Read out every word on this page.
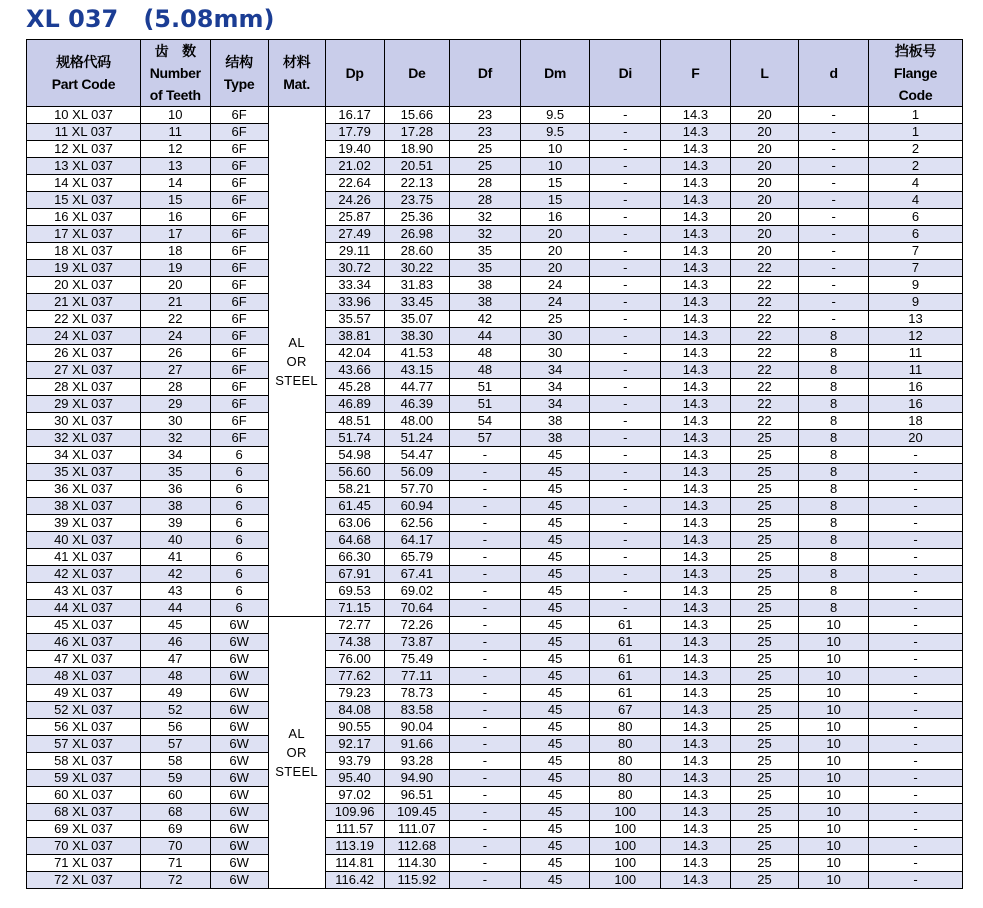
XL 037   (5.08mm)
规格代码
Part Code	齿　数
Number
of Teeth	结构
Type	材料
Mat.	Dp	De	Df	Dm	Di	F	L	d	挡板号
Flange
Code

10 XL 037	10	6F	AL
OR
STEEL	16.17	15.66	23	9.5	-	14.3	20	-	1
11 XL 037	11	6F		17.79	17.28	23	9.5	-	14.3	20	-	1
12 XL 037	12	6F		19.40	18.90	25	10	-	14.3	20	-	2
13 XL 037	13	6F		21.02	20.51	25	10	-	14.3	20	-	2
14 XL 037	14	6F		22.64	22.13	28	15	-	14.3	20	-	4
15 XL 037	15	6F		24.26	23.75	28	15	-	14.3	20	-	4
16 XL 037	16	6F		25.87	25.36	32	16	-	14.3	20	-	6
17 XL 037	17	6F		27.49	26.98	32	20	-	14.3	20	-	6
18 XL 037	18	6F		29.11	28.60	35	20	-	14.3	20	-	7
19 XL 037	19	6F		30.72	30.22	35	20	-	14.3	22	-	7
20 XL 037	20	6F		33.34	31.83	38	24	-	14.3	22	-	9
21 XL 037	21	6F		33.96	33.45	38	24	-	14.3	22	-	9
22 XL 037	22	6F		35.57	35.07	42	25	-	14.3	22	-	13
24 XL 037	24	6F		38.81	38.30	44	30	-	14.3	22	8	12
26 XL 037	26	6F		42.04	41.53	48	30	-	14.3	22	8	11
27 XL 037	27	6F		43.66	43.15	48	34	-	14.3	22	8	11
28 XL 037	28	6F		45.28	44.77	51	34	-	14.3	22	8	16
29 XL 037	29	6F		46.89	46.39	51	34	-	14.3	22	8	16
30 XL 037	30	6F		48.51	48.00	54	38	-	14.3	22	8	18
32 XL 037	32	6F		51.74	51.24	57	38	-	14.3	25	8	20
34 XL 037	34	6		54.98	54.47	-	45	-	14.3	25	8	-
35 XL 037	35	6		56.60	56.09	-	45	-	14.3	25	8	-
36 XL 037	36	6		58.21	57.70	-	45	-	14.3	25	8	-
38 XL 037	38	6		61.45	60.94	-	45	-	14.3	25	8	-
39 XL 037	39	6		63.06	62.56	-	45	-	14.3	25	8	-
40 XL 037	40	6		64.68	64.17	-	45	-	14.3	25	8	-
41 XL 037	41	6		66.30	65.79	-	45	-	14.3	25	8	-
42 XL 037	42	6		67.91	67.41	-	45	-	14.3	25	8	-
43 XL 037	43	6		69.53	69.02	-	45	-	14.3	25	8	-
44 XL 037	44	6		71.15	70.64	-	45	-	14.3	25	8	-
45 XL 037	45	6W	AL
OR
STEEL	72.77	72.26	-	45	61	14.3	25	10	-
46 XL 037	46	6W		74.38	73.87	-	45	61	14.3	25	10	-
47 XL 037	47	6W		76.00	75.49	-	45	61	14.3	25	10	-
48 XL 037	48	6W		77.62	77.11	-	45	61	14.3	25	10	-
49 XL 037	49	6W		79.23	78.73	-	45	61	14.3	25	10	-
52 XL 037	52	6W		84.08	83.58	-	45	67	14.3	25	10	-
56 XL 037	56	6W		90.55	90.04	-	45	80	14.3	25	10	-
57 XL 037	57	6W		92.17	91.66	-	45	80	14.3	25	10	-
58 XL 037	58	6W		93.79	93.28	-	45	80	14.3	25	10	-
59 XL 037	59	6W		95.40	94.90	-	45	80	14.3	25	10	-
60 XL 037	60	6W		97.02	96.51	-	45	80	14.3	25	10	-
68 XL 037	68	6W		109.96	109.45	-	45	100	14.3	25	10	-
69 XL 037	69	6W		111.57	111.07	-	45	100	14.3	25	10	-
70 XL 037	70	6W		113.19	112.68	-	45	100	14.3	25	10	-
71 XL 037	71	6W		114.81	114.30	-	45	100	14.3	25	10	-
72 XL 037	72	6W		116.42	115.92	-	45	100	14.3	25	10	-
